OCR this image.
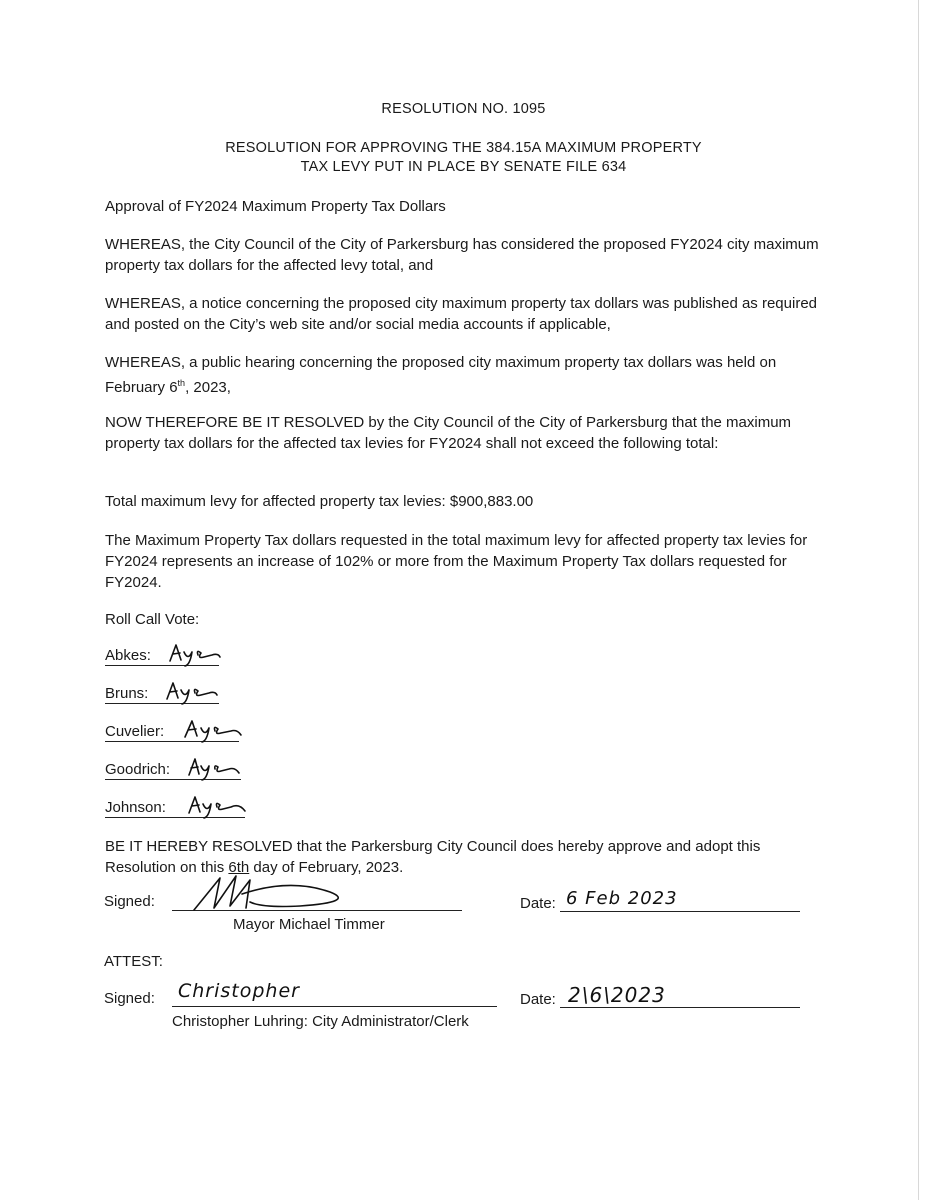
RESOLUTION NO. 1095
RESOLUTION FOR APPROVING THE 384.15A MAXIMUM PROPERTY
TAX LEVY PUT IN PLACE BY SENATE FILE 634
Approval of FY2024 Maximum Property Tax Dollars
WHEREAS, the City Council of the City of Parkersburg has considered the proposed FY2024 city maximum property tax dollars for the affected levy total, and
WHEREAS, a notice concerning the proposed city maximum property tax dollars was published as required and posted on the City’s web site and/or social media accounts if applicable,
WHEREAS, a public hearing concerning the proposed city maximum property tax dollars was held on February 6th, 2023,
NOW THEREFORE BE IT RESOLVED by the City Council of the City of Parkersburg that the maximum property tax dollars for the affected tax levies for FY2024 shall not exceed the following total:
Total maximum levy for affected property tax levies: $900,883.00
The Maximum Property Tax dollars requested in the total maximum levy for affected property tax levies for FY2024 represents an increase of 102% or more from the Maximum Property Tax dollars requested for FY2024.
Roll Call Vote:
Abkes:
Bruns:
Cuvelier:
Goodrich:
Johnson:
BE IT HEREBY RESOLVED that the Parkersburg City Council does hereby approve and adopt this Resolution on this 6th day of February, 2023.
Signed:
Mayor Michael Timmer
Date: 6 Feb 2023
ATTEST:
Signed: Christopher
Christopher Luhring: City Administrator/Clerk
Date: 2\6\2023
